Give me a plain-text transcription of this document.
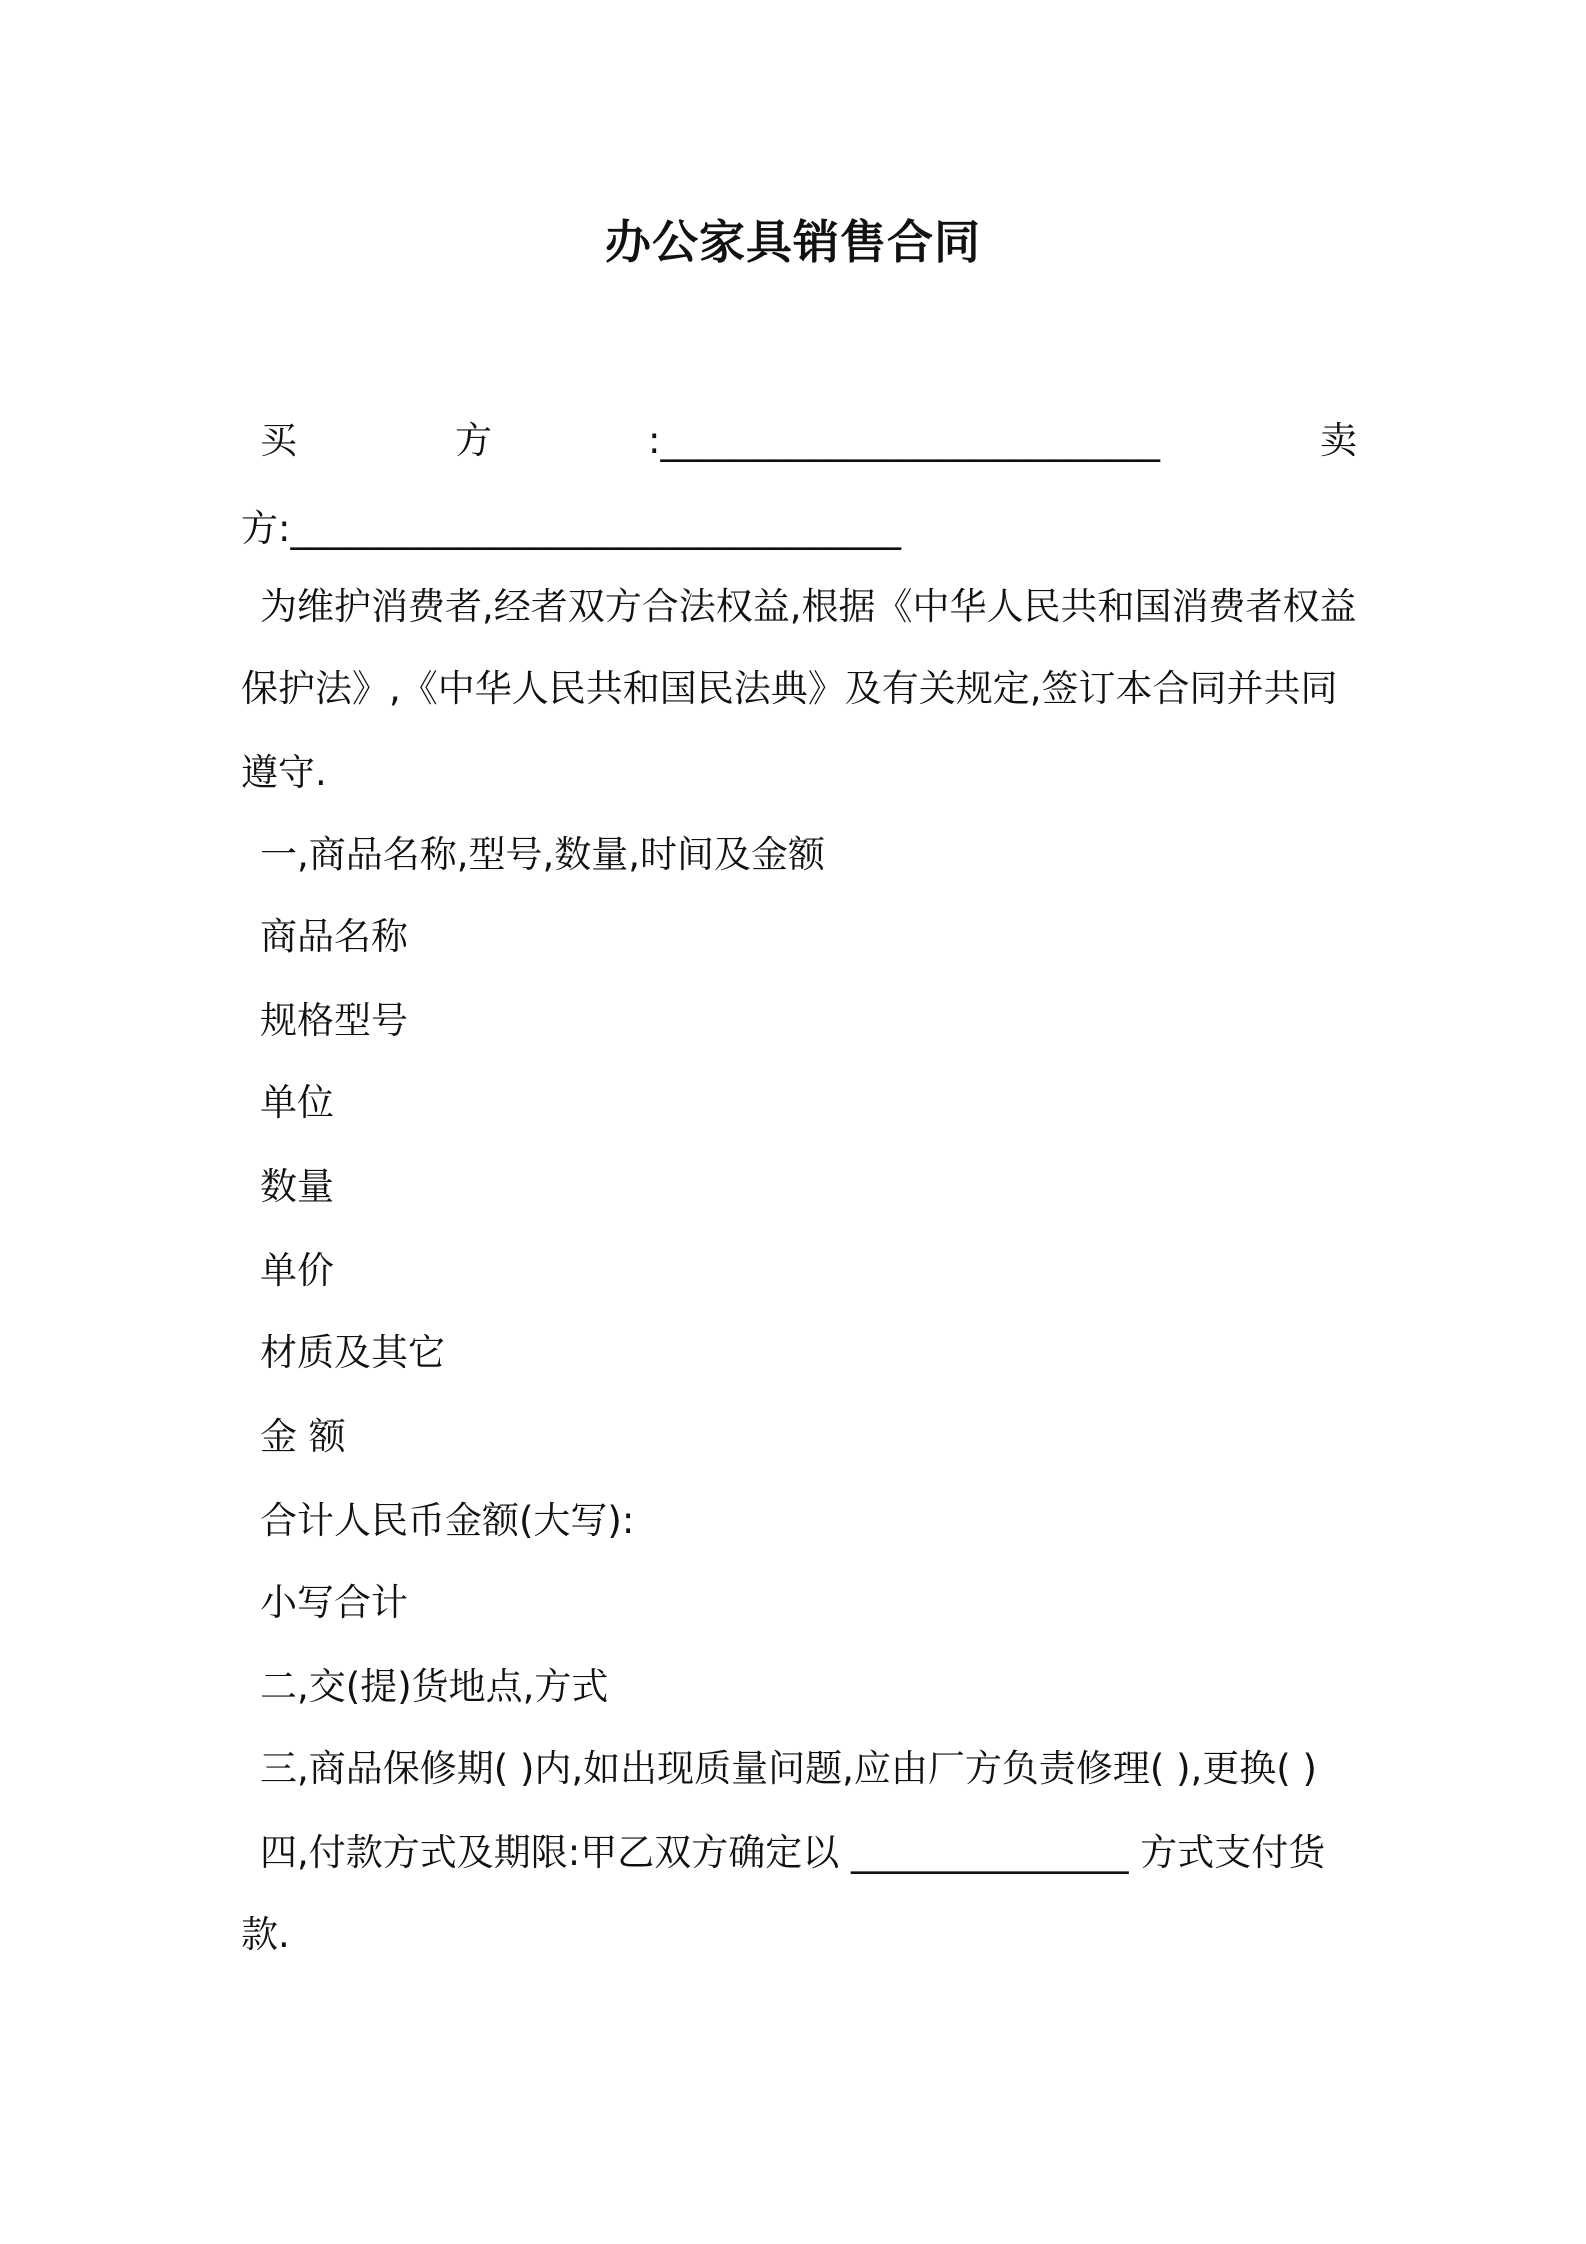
办公家具销售合同
买	方	:___________________________	卖
方:_________________________________
为维护消费者,经者双方合法权益,根据《中华人民共和国消费者权益
保护法》,《中华人民共和国民法典》及有关规定,签订本合同并共同
遵守.
一,商品名称,型号,数量,时间及金额
商品名称
规格型号
单位
数量
单价
材质及其它
金 额
合计人民币金额(大写):
小写合计
二,交(提)货地点,方式
三,商品保修期( )内,如出现质量问题,应由厂方负责修理( ),更换( )
四,付款方式及期限:甲乙双方确定以 _______________ 方式支付货
款.
